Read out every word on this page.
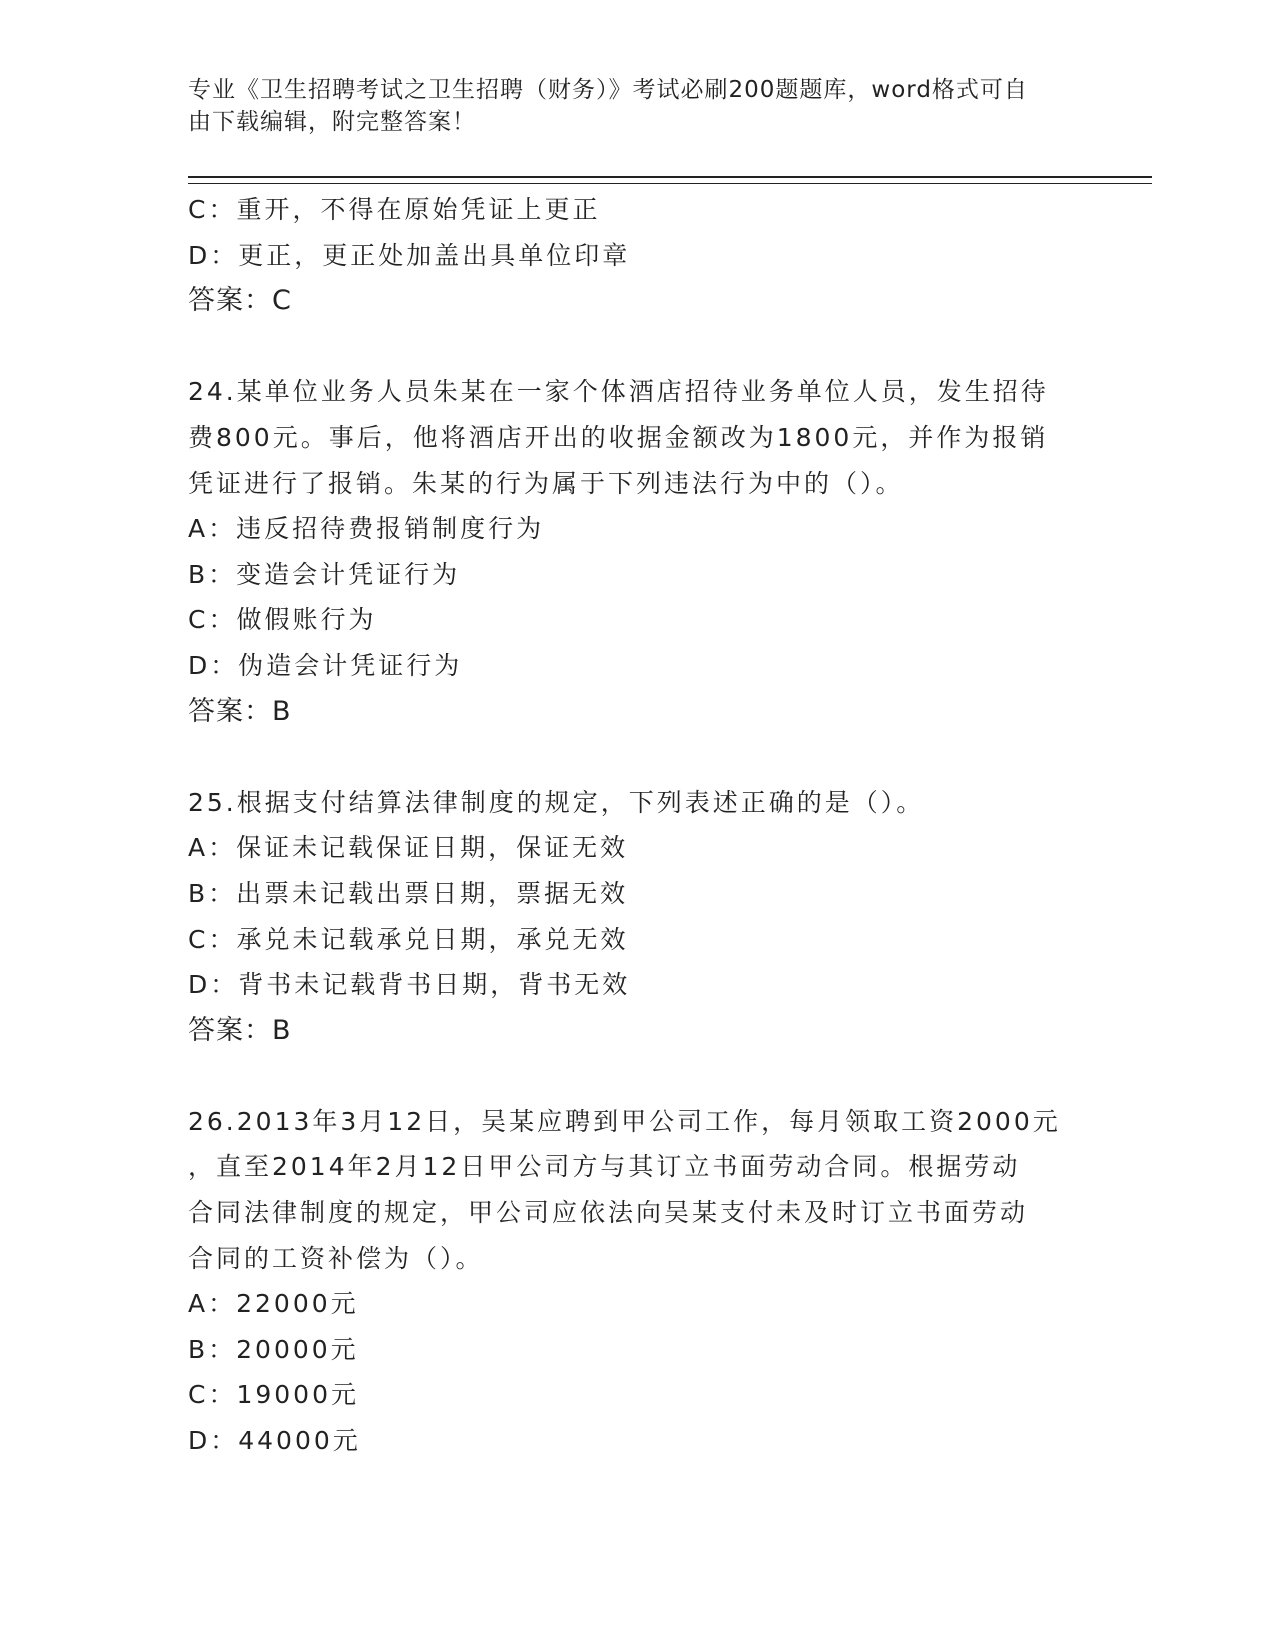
专业《卫生招聘考试之卫生招聘（财务）》考试必刷200题题库，word格式可自
由下载编辑，附完整答案！
C：重开，不得在原始凭证上更正
D：更正，更正处加盖出具单位印章
答案：C
24.某单位业务人员朱某在一家个体酒店招待业务单位人员，发生招待
费800元。事后，他将酒店开出的收据金额改为1800元，并作为报销
凭证进行了报销。朱某的行为属于下列违法行为中的（）。
A：违反招待费报销制度行为
B：变造会计凭证行为
C：做假账行为
D：伪造会计凭证行为
答案：B
25.根据支付结算法律制度的规定，下列表述正确的是（）。
A：保证未记载保证日期，保证无效
B：出票未记载出票日期，票据无效
C：承兑未记载承兑日期，承兑无效
D：背书未记载背书日期，背书无效
答案：B
26.2013年3月12日，吴某应聘到甲公司工作，每月领取工资2000元
，直至2014年2月12日甲公司方与其订立书面劳动合同。根据劳动
合同法律制度的规定，甲公司应依法向吴某支付未及时订立书面劳动
合同的工资补偿为（）。
A：22000元
B：20000元
C：19000元
D：44000元
